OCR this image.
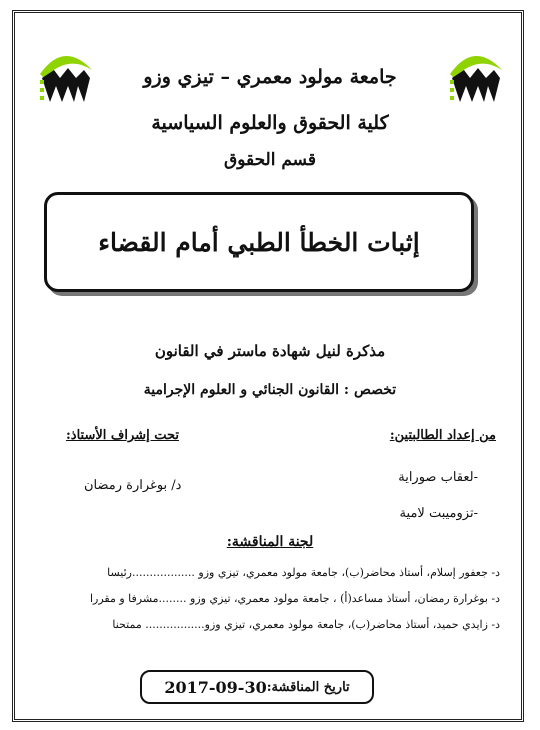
جامعة مولود معمري – تيزي وزو
كلية الحقوق والعلوم السياسية
قسم الحقوق
إثبات الخطأ الطبي أمام القضاء
مذكرة لنيل شهادة ماستر في القانون
تخصص : القانون الجنائي و العلوم الإجرامية
من إعداد الطالبتين:
تحت إشراف الأستاذ:
-لعقاب صوراية
-تزوميبت لامية
د/ بوغرارة رمضان
لجنة المناقشة:
د- جعفور إسلام، أستاذ محاضر(ب)، جامعة مولود معمري، تيزي وزو ..................رئيسا
د- بوغرارة رمضان، أستاذ مساعد(أ) ، جامعة مولود معمري، تيزي وزو ........مشرفا و مقررا
د- زايدي حميد، أستاذ محاضر(ب)، جامعة مولود معمري، تيزي وزو................. ممتحنا
تاريخ المناقشة:
2017-09-30
